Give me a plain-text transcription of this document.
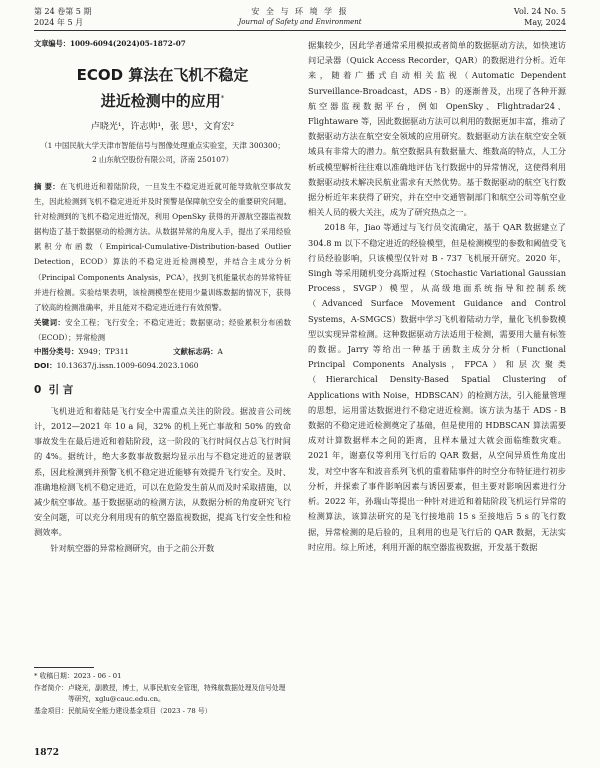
第 24 卷第 5 期
2024 年 5 月
安 全 与 环 境 学 报
Journal of Safety and Environment
Vol. 24 No. 5
May, 2024
文章编号：1009-6094(2024)05-1872-07
ECOD 算法在飞机不稳定
进近检测中的应用*
卢晓光¹，许志帅¹，张 思¹，文育宏²
（1 中国民航大学天津市智能信号与图像处理重点实验室，天津 300300；
2 山东航空股份有限公司，济南 250107）
摘 要：在飞机进近和着陆阶段，一旦发生不稳定进近就可能导致航空事故发生，因此检测到飞机不稳定进近并及时预警是保障航空安全的重要研究问题。针对检测到的飞机不稳定进近情况，利用 OpenSky 获得的开源航空器监视数据构造了基于数据驱动的检测方法。从数据异常的角度入手，提出了采用经验累积分布函数（Empirical-Cumulative-Distribution-based Outlier Detection，ECOD）算法的不稳定进近检测模型，并结合主成分分析（Principal Components Analysis，PCA），找到飞机能量状态的异常特征并进行检测。实验结果表明，该检测模型在使用少量训练数据的情况下，获得了较高的检测准确率，并且能对不稳定进近进行有效预警。
关键词：安全工程；飞行安全；不稳定进近；数据驱动；经验累积分布函数（ECOD）；异常检测
中图分类号：X949；TP311	文献标志码：A
DOI：10.13637/j.issn.1009-6094.2023.1060
0 引 言

飞机进近和着陆是飞行安全中需重点关注的阶段。据波音公司统计，2012—2021 年 10 a 间，32% 的机上死亡事故和 50% 的致命事故发生在最后进近和着陆阶段，这一阶段的飞行时间仅占总飞行时间的 4%。据统计，绝大多数事故数据均显示出与不稳定进近的显著联系，因此检测到并预警飞机不稳定进近能够有效提升飞行安全。及时、准确地检测飞机不稳定进近，可以在危险发生前从而及时采取措施，以减少航空事故。基于数据驱动的检测方法，从数据分析的角度研究飞行安全问题，可以充分利用现有的航空器监视数据，提高飞行安全性和检测效率。

针对航空器的异常检测研究，由于之前公开数

据集较少，因此学者通常采用模拟或者简单的数据驱动方法，如快速访问记录器（Quick Access Recorder，QAR）的数据进行分析。近年来，随着广播式自动相关监视（Automatic Dependent Surveillance-Broadcast，ADS - B）的逐渐普及，出现了各种开源航空器监视数据平台，例如 OpenSky、Flightradar24、Flightaware 等，因此数据驱动方法可以利用的数据更加丰富，推动了数据驱动方法在航空安全领域的应用研究。数据驱动方法在航空安全领域具有非常大的潜力。航空数据具有数据量大、维数高的特点，人工分析或模型解析往往难以准确地评估飞行数据中的异常情况，这使得利用数据驱动技术解决民航业需求有天然优势。基于数据驱动的航空飞行数据分析近年来获得了研究，并在空中交通管制部门和航空公司等航空业相关人员的极大关注，成为了研究热点之一。

2018 年，Jiao 等通过与飞行员交流确定，基于 QAR 数据建立了 304.8 m 以下不稳定进近的经验模型，但是检测模型的参数和阈值受飞行员经验影响，只该模型仅针对 B - 737 飞机展开研究。2020 年，Singh 等采用随机变分高斯过程（Stochastic Variational Gaussian Process，SVGP）模型，从高级地面系统指导和控制系统（Advanced Surface Movement Guidance and Control Systems，A-SMGCS）数据中学习飞机着陆动力学，量化飞机参数模型以实现异常检测。这种数据驱动方法适用于检测，需要用大量有标签的数据。Jarry 等给出一种基于函数主成分分析（Functional Principal Components Analysis，FPCA）和层次聚类（Hierarchical Density-Based Spatial Clustering of Applications with Noise，HDBSCAN）的检测方法，引入能量管理的思想，运用雷达数据进行不稳定进近检测。该方法为基于 ADS - B 数据的不稳定进近检测奠定了基础，但是使用的 HDBSCAN 算法需要成对计算数据样本之间的距离，且样本量过大就会面临维数灾难。2021 年，谢嘉仪等利用飞行后的 QAR 数据，从空间异质性角度出发，对空中客车和波音系列飞机的重着陆事件的时空分布特征进行初步分析，并探索了事件影响因素与诱因要素，但主要对影响因素进行分析。2022 年，孙瑞山等提出一种针对进近和着陆阶段飞机运行异常的检测算法，该算法研究的是飞行接地前 15 s 至接地后 5 s 的飞行数据，异常检测的是后验的，且利用的也是飞行后的 QAR 数据，无法实时应用。综上所述，利用开源的航空器监视数据，开发基于数据

*
收稿日期： 2023 - 06 - 01
作者简介： 卢晓光，副教授，博士，从事民航安全管理，特殊航数据处理及信号处理等研究，xglu@cauc.edu.cn。
基金项目： 民航局安全能力建设基金项目（2023 - 78 号）
1872
